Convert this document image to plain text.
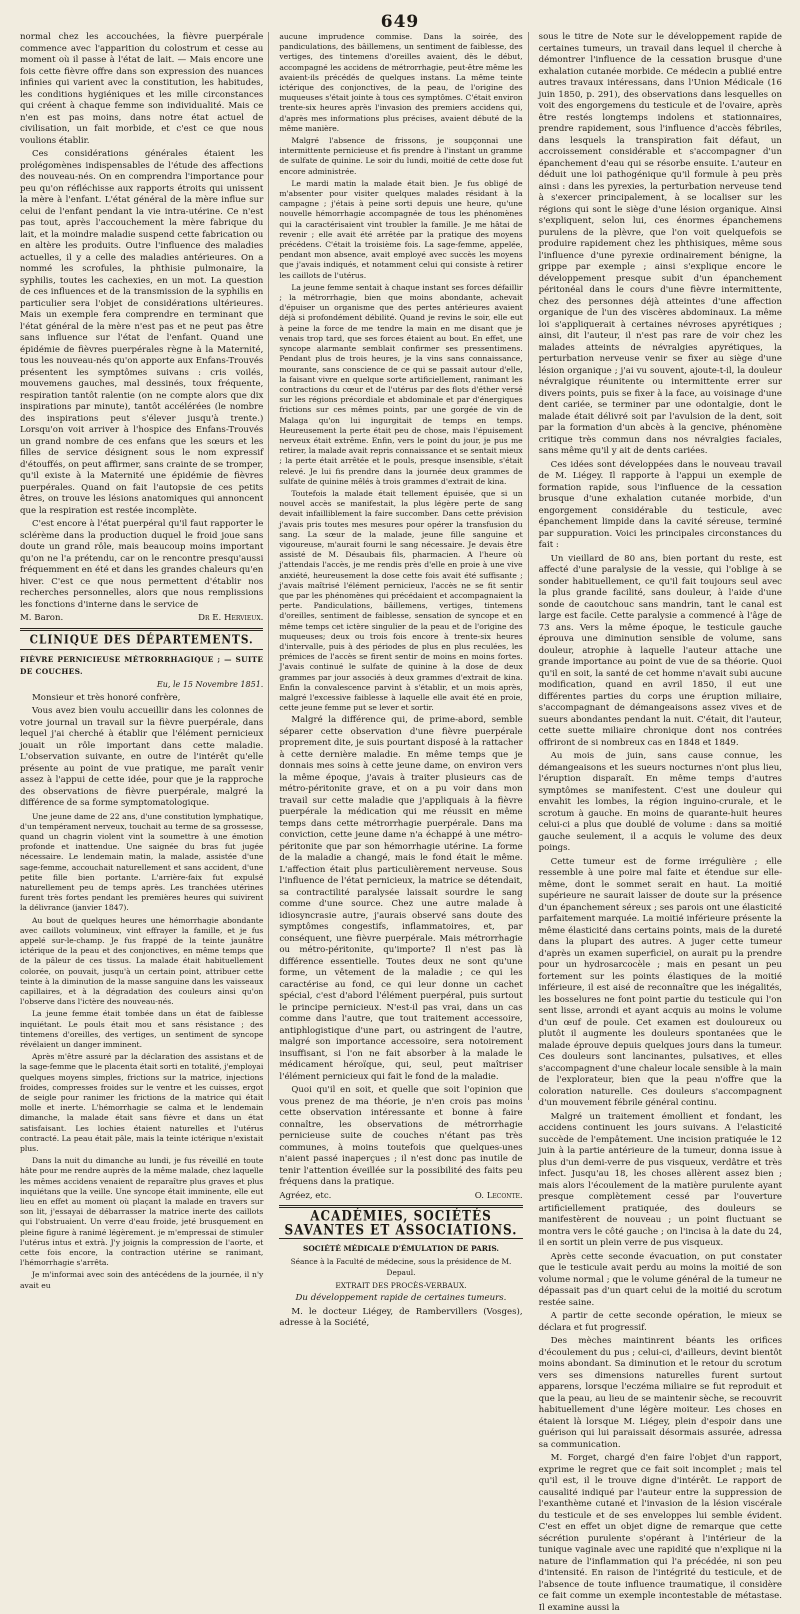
649

normal chez les accouchées, la fièvre puerpérale commence avec l'apparition du colostrum et cesse au moment où il passe à l'état de lait. — Mais encore une fois cette fièvre offre dans son expression des nuances infinies qui varient avec la constitution, les habitudes, les conditions hygiéniques et les mille circonstances qui créent à chaque femme son individualité. Mais ce n'en est pas moins, dans notre état actuel de civilisation, un fait morbide, et c'est ce que nous voulions établir.

Ces considérations générales étaient les prolégomènes indispensables de l'étude des affections des nouveau-nés. On en comprendra l'importance pour peu qu'on réfléchisse aux rapports étroits qui unissent la mère à l'enfant. L'état général de la mère influe sur celui de l'enfant pendant la vie intra-utérine. Ce n'est pas tout, après l'accouchement la mère fabrique du lait, et la moindre maladie suspend cette fabrication ou en altère les produits. Outre l'influence des maladies actuelles, il y a celle des maladies antérieures. On a nommé les scrofules, la phthisie pulmonaire, la syphilis, toutes les cachexies, en un mot. La question de ces influences et de la transmission de la syphilis en particulier sera l'objet de considérations ultérieures. Mais un exemple fera comprendre en terminant que l'état général de la mère n'est pas et ne peut pas être sans influence sur l'état de l'enfant. Quand une épidémie de fièvres puerpérales règne à la Maternité, tous les nouveau-nés qu'on apporte aux Enfans-Trouvés présentent les symptômes suivans : cris voilés, mouvemens gauches, mal dessinés, toux fréquente, respiration tantôt ralentie (on ne compte alors que dix inspirations par minute), tantôt accélérées (le nombre des inspirations peut s'élever jusqu'à trente.) Lorsqu'on voit arriver à l'hospice des Enfans-Trouvés un grand nombre de ces enfans que les sœurs et les filles de service désignent sous le nom expressif d'étouffés, on peut affirmer, sans crainte de se tromper, qu'il existe à la Maternité une épidémie de fièvres puerpérales. Quand on fait l'autopsie de ces petits êtres, on trouve les lésions anatomiques qui annoncent que la respiration est restée incomplète.

C'est encore à l'état puerpéral qu'il faut rapporter le sclérème dans la production duquel le froid joue sans doute un grand rôle, mais beaucoup moins important qu'on ne l'a prétendu, car on le rencontre presqu'aussi fréquemment en été et dans les grandes chaleurs qu'en hiver. C'est ce que nous permettent d'établir nos recherches personnelles, alors que nous remplissions les fonctions d'interne dans le service de

M. Baron.	Dr E. Hervieux.

CLINIQUE DES DÉPARTEMENTS.

FIÈVRE PERNICIEUSE MÉTRORRHAGIQUE ; — SUITE DE COUCHES.

Eu, le 15 Novembre 1851.

Monsieur et très honoré confrère,

Vous avez bien voulu accueillir dans les colonnes de votre journal un travail sur la fièvre puerpérale, dans lequel j'ai cherché à établir que l'élément pernicieux jouait un rôle important dans cette maladie. L'observation suivante, en outre de l'intérêt qu'elle présente au point de vue pratique, me paraît venir assez à l'appui de cette idée, pour que je la rapproche des observations de fièvre puerpérale, malgré la différence de sa forme symptomatologique.

Une jeune dame de 22 ans, d'une constitution lymphatique, d'un tempérament nerveux, touchait au terme de sa grossesse, quand un chagrin violent vint la soumettre à une émotion profonde et inattendue. Une saignée du bras fut jugée nécessaire. Le lendemain matin, la malade, assistée d'une sage-femme, accouchait naturellement et sans accident, d'une petite fille bien portante. L'arrière-faix fut expulsé naturellement peu de temps après. Les tranchées utérines furent très fortes pendant les premières heures qui suivirent la délivrance (janvier 1847).

Au bout de quelques heures une hémorrhagie abondante avec caillots volumineux, vint effrayer la famille, et je fus appelé sur-le-champ. Je fus frappé de la teinte jaunâtre ictérique de la peau et des conjonctives, en même temps que de la pâleur de ces tissus. La malade était habituellement colorée, on pouvait, jusqu'à un certain point, attribuer cette teinte à la diminution de la masse sanguine dans les vaisseaux capillaires, et à la dégradation des couleurs ainsi qu'on l'observe dans l'ictère des nouveau-nés.

La jeune femme était tombée dans un état de faiblesse inquiétant. Le pouls était mou et sans résistance ; des tintemens d'oreilles, des vertiges, un sentiment de syncope révélaient un danger imminent.

Après m'être assuré par la déclaration des assistans et de la sage-femme que le placenta était sorti en totalité, j'employai quelques moyens simples, frictions sur la matrice, injections froides, compresses froides sur le ventre et les cuisses, ergot de seigle pour ranimer les frictions de la matrice qui était molle et inerte. L'hémorrhagie se calma et le lendemain dimanche, la malade était sans fièvre et dans un état satisfaisant. Les lochies étaient naturelles et l'utérus contracté. La peau était pâle, mais la teinte ictérique n'existait plus.

Dans la nuit du dimanche au lundi, je fus réveillé en toute hâte pour me rendre auprès de la même malade, chez laquelle les mêmes accidens venaient de reparaître plus graves et plus inquiétans que la veille. Une syncope était imminente, elle eut lieu en effet au moment où plaçant la malade en travers sur son lit, j'essayai de débarrasser la matrice inerte des caillots qui l'obstruaient. Un verre d'eau froide, jeté brusquement en pleine figure à ranimé légèrement. je m'empressai de stimuler l'utérus intus et extrà. J'y joignis la compression de l'aorte, et cette fois encore, la contraction utérine se ranimant, l'hémorrhagie s'arrêta.

Je m'informai avec soin des antécédens de la journée, il n'y avait eu

aucune imprudence commise. Dans la soirée, des pandiculations, des bâillemens, un sentiment de faiblesse, des vertiges, des tintemens d'oreilles avaient, dès le début, accompagné les accidens de métrorrhagie, peut-être même les avaient-ils précédés de quelques instans. La même teinte ictérique des conjonctives, de la peau, de l'origine des muqueuses s'était jointe à tous ces symptômes. C'était environ trente-six heures après l'invasion des premiers accidens qui, d'après mes informations plus précises, avaient débuté de la même manière.

Malgré l'absence de frissons, je soupçonnai une intermittente pernicieuse et fis prendre à l'instant un gramme de sulfate de quinine. Le soir du lundi, moitié de cette dose fut encore administrée.

Le mardi matin la malade était bien. Je fus obligé de m'absenter pour visiter quelques malades résidant à la campagne ; j'étais à peine sorti depuis une heure, qu'une nouvelle hémorrhagie accompagnée de tous les phénomènes qui la caractérisaient vint troubler la famille. Je me hâtai de revenir ; elle avait été arrêtée par la pratique des moyens précédens. C'était la troisième fois. La sage-femme, appelée, pendant mon absence, avait employé avec succès les moyens que j'avais indiqués, et notamment celui qui consiste à retirer les caillots de l'utérus.

La jeune femme sentait à chaque instant ses forces défaillir ; la métrorrhagie, bien que moins abondante, achevait d'épuiser un organisme que des pertes antérieures avaient déjà si profondément débilité. Quand je revins le soir, elle eut à peine la force de me tendre la main en me disant que je venais trop tard, que ses forces étaient au bout. En effet, une syncope alarmante semblait confirmer ses pressentimens. Pendant plus de trois heures, je la vins sans connaissance, mourante, sans conscience de ce qui se passait autour d'elle, la faisant vivre en quelque sorte artificiellement, ranimant les contractions du cœur et de l'utérus par des flots d'éther versé sur les régions précordiale et abdominale et par d'énergiques frictions sur ces mêmes points, par une gorgée de vin de Malaga qu'on lui ingurgitait de temps en temps. Heureusement la perte était peu de chose, mais l'épuisement nerveux était extrême. Enfin, vers le point du jour, je pus me retirer, la malade avait repris connaissance et se sentait mieux ; la perte était arrêtée et le pouls, presque insensible, s'était relevé. Je lui fis prendre dans la journée deux grammes de sulfate de quinine mêlés à trois grammes d'extrait de kina.

Toutefois la malade était tellement épuisée, que si un nouvel accès se manifestait, la plus légère perte de sang devait infailliblement la faire succomber. Dans cette prévision j'avais pris toutes mes mesures pour opérer la transfusion du sang. La sœur de la malade, jeune fille sanguine et vigoureuse, m'aurait fourni le sang nécessaire. Je devais être assisté de M. Désaubais fils, pharmacien. A l'heure où j'attendais l'accès, je me rendis près d'elle en proie à une vive anxiété, heureusement la dose cette fois avait été suffisante ; j'avais maîtrisé l'élément pernicieux, l'accès ne se fit sentir que par les phénomènes qui précédaient et accompagnaient la perte. Pandiculations, bâillemens, vertiges, tintemens d'oreilles, sentiment de faiblesse, sensation de syncope et en même temps cet ictère singulier de la peau et de l'origine des muqueuses; deux ou trois fois encore à trente-six heures d'intervalle, puis à des périodes de plus en plus reculées, les prémices de l'accès se firent sentir de moins en moins fortes. J'avais continué le sulfate de quinine à la dose de deux grammes par jour associés à deux grammes d'extrait de kina. Enfin la convalescence parvint à s'établir, et un mois après, malgré l'excessive faiblesse à laquelle elle avait été en proie, cette jeune femme put se lever et sortir.

Malgré la différence qui, de prime-abord, semble séparer cette observation d'une fièvre puerpérale proprement dite, je suis pourtant disposé à la rattacher à cette dernière maladie. En même temps que je donnais mes soins à cette jeune dame, on environ vers la même époque, j'avais à traiter plusieurs cas de métro-péritonite grave, et on a pu voir dans mon travail sur cette maladie que j'appliquais à la fièvre puerpérale la médication qui me réussit en même temps dans cette métrorrhagie puerpérale. Dans ma conviction, cette jeune dame n'a échappé à une métro-péritonite que par son hémorrhagie utérine. La forme de la maladie a changé, mais le fond était le même. L'affection était plus particulièrement nerveuse. Sous l'influence de l'état pernicieux, la matrice se détendait, sa contractilité paralysée laissait sourdre le sang comme d'une source. Chez une autre malade à idiosyncrasie autre, j'aurais observé sans doute des symptômes congestifs, inflammatoires, et, par conséquent, une fièvre puerpérale. Mais métrorrhagie ou métro-péritonite, qu'importe? Il n'est pas là différence essentielle. Toutes deux ne sont qu'une forme, un vêtement de la maladie ; ce qui les caractérise au fond, ce qui leur donne un cachet spécial, c'est d'abord l'élément puerpéral, puis surtout le principe pernicieux. N'est-il pas vrai, dans un cas comme dans l'autre, que tout traitement accessoire, antiphlogistique d'une part, ou astringent de l'autre, malgré son importance accessoire, sera notoirement insuffisant, si l'on ne fait absorber à la malade le médicament héroïque, qui, seul, peut maîtriser l'élément pernicieux qui fait le fond de la maladie.

Quoi qu'il en soit, et quelle que soit l'opinion que vous prenez de ma théorie, je n'en crois pas moins cette observation intéressante et bonne à faire connaître, les observations de métrorrhagie pernicieuse suite de couches n'étant pas très communes, à moins toutefois que quelques-unes n'aient passé inaperçues ; il n'est donc pas inutile de tenir l'attention éveillée sur la possibilité des faits peu fréquens dans la pratique.

Agréez, etc.	O. Leconte.

ACADÉMIES, SOCIÉTÉS SAVANTES ET ASSOCIATIONS.

SOCIÉTÉ MÉDICALE D'ÉMULATION DE PARIS.

Séance à la Faculté de médecine, sous la présidence de M. Depaul.

EXTRAIT DES PROCÈS-VERBAUX.

Du développement rapide de certaines tumeurs.

M. le docteur Liégey, de Rambervillers (Vosges), adresse à la Société,

sous le titre de Note sur le développement rapide de certaines tumeurs, un travail dans lequel il cherche à démontrer l'influence de la cessation brusque d'une exhalation cutanée morbide. Ce médecin a publié entre autres travaux intéressans, dans l'Union Médicale (16 juin 1850, p. 291), des observations dans lesquelles on voit des engorgemens du testicule et de l'ovaire, après être restés longtemps indolens et stationnaires, prendre rapidement, sous l'influence d'accès fébriles, dans lesquels la transpiration fait défaut, un accroissement considérable et s'accompagner d'un épanchement d'eau qui se résorbe ensuite. L'auteur en déduit une loi pathogénique qu'il formule à peu près ainsi : dans les pyrexies, la perturbation nerveuse tend à s'exercer principalement, à se localiser sur les régions qui sont le siège d'une lésion organique. Ainsi s'expliquent, selon lui, ces énormes épanchemens purulens de la plèvre, que l'on voit quelquefois se produire rapidement chez les phthisiques, même sous l'influence d'une pyrexie ordinairement bénigne, la grippe par exemple ; ainsi s'explique encore le développement presque subit d'un épanchement péritonéal dans le cours d'une fièvre intermittente, chez des personnes déjà atteintes d'une affection organique de l'un des viscères abdominaux. La même loi s'appliquerait à certaines névroses apyrétiques ; ainsi, dit l'auteur, il n'est pas rare de voir chez les malades atteints de névralgies apyrétiques, la perturbation nerveuse venir se fixer au siège d'une lésion organique ; j'ai vu souvent, ajoute-t-il, la douleur névralgique réunitente ou intermittente errer sur divers points, puis se fixer à la face, au voisinage d'une dent cariée, se terminer par une odontalgie, dont le malade était délivré soit par l'avulsion de la dent, soit par la formation d'un abcès à la gencive, phénomène critique très commun dans nos névralgies faciales, sans même qu'il y ait de dents cariées.

Ces idées sont développées dans le nouveau travail de M. Liégey. Il rapporte à l'appui un exemple de formation rapide, sous l'influence de la cessation brusque d'une exhalation cutanée morbide, d'un engorgement considérable du testicule, avec épanchement limpide dans la cavité séreuse, terminé par suppuration. Voici les principales circonstances du fait :

Un vieillard de 80 ans, bien portant du reste, est affecté d'une paralysie de la vessie, qui l'oblige à se sonder habituellement, ce qu'il fait toujours seul avec la plus grande facilité, sans douleur, à l'aide d'une sonde de caoutchouc sans mandrin, tant le canal est large est facile. Cette paralysie a commencé à l'âge de 73 ans. Vers la même époque, le testicule gauche éprouva une diminution sensible de volume, sans douleur, atrophie à laquelle l'auteur attache une grande importance au point de vue de sa théorie. Quoi qu'il en soit, la santé de cet homme n'avait subi aucune modification, quand en avril 1850, il eut une différentes parties du corps une éruption miliaire, s'accompagnant de démangeaisons assez vives et de sueurs abondantes pendant la nuit. C'était, dit l'auteur, cette suette miliaire chronique dont nos contrées offriront de si nombreux cas en 1848 et 1849.

Au mois de juin, sans cause connue, les démangeaisons et les sueurs nocturnes n'ont plus lieu, l'éruption disparaît. En même temps d'autres symptômes se manifestent. C'est une douleur qui envahit les lombes, la région inguino-crurale, et le scrotum à gauche. En moins de quarante-huit heures celui-ci a plus que doublé de volume : dans sa moitié gauche seulement, il a acquis le volume des deux poings.

Cette tumeur est de forme irrégulière ; elle ressemble à une poire mal faite et étendue sur elle-même, dont le sommet serait en haut. La moitié supérieure ne saurait laisser de doute sur la présence d'un épanchement séreux ; ses parois ont une élasticité parfaitement marquée. La moitié inférieure présente la même élasticité dans certains points, mais de la dureté dans la plupart des autres. A juger cette tumeur d'après un examen superficiel, on aurait pu la prendre pour un hydrosarcocèle ; mais en pesant un peu fortement sur les points élastiques de la moitié inférieure, il est aisé de reconnaître que les inégalités, les bosselures ne font point partie du testicule qui l'on sent lisse, arrondi et ayant acquis au moins le volume d'un œuf de poule. Cet examen est douloureux ou plutôt il augmente les douleurs spontanées que le malade éprouve depuis quelques jours dans la tumeur. Ces douleurs sont lancinantes, pulsatives, et elles s'accompagnent d'une chaleur locale sensible à la main de l'explorateur, bien que la peau n'offre que la coloration naturelle. Ces douleurs s'accompagnent d'un mouvement fébrile général continu.

Malgré un traitement émollient et fondant, les accidens continuent les jours suivans. A l'elasticité succède de l'empâtement. Une incision pratiquée le 12 juin à la partie antérieure de la tumeur, donna issue à plus d'un demi-verre de pus visqueux, verdâtre et très infect. Jusqu'au 18, les choses allèrent assez bien ; mais alors l'écoulement de la matière purulente ayant presque complètement cessé par l'ouverture artificiellement pratiquée, des douleurs se manifestèrent de nouveau ; un point fluctuant se montra vers le côté gauche ; on l'incisa à la date du 24, il en sortit un plein verre de pus visqueux.

Après cette seconde évacuation, on put constater que le testicule avait perdu au moins la moitié de son volume normal ; que le volume général de la tumeur ne dépassait pas d'un quart celui de la moitié du scrotum restée saine.

A partir de cette seconde opération, le mieux se déclara et fut progressif.

Des mèches maintinrent béants les orifices d'écoulement du pus ; celui-ci, d'ailleurs, devint bientôt moins abondant. Sa diminution et le retour du scrotum vers ses dimensions naturelles furent surtout apparens, lorsque l'eczéma miliaire se fut reproduit et que la peau, au lieu de se maintenir sèche, se recouvrit habituellement d'une légère moiteur. Les choses en étaient là lorsque M. Liégey, plein d'espoir dans une guérison qui lui paraissait désormais assurée, adressa sa communication.

M. Forget, chargé d'en faire l'objet d'un rapport, exprime le regret que ce fait soit incomplet ; mais tel qu'il est, il le trouve digne d'intérêt. Le rapport de causalité indiqué par l'auteur entre la suppression de l'exanthème cutané et l'invasion de la lésion viscérale du testicule et de ses enveloppes lui semble évident. C'est en effet un objet digne de remarque que cette sécrétion purulente s'opérant à l'intérieur de la tunique vaginale avec une rapidité que n'explique ni la nature de l'inflammation qui l'a précédée, ni son peu d'intensité. En raison de l'intégrité du testicule, et de l'absence de toute influence traumatique, il considère ce fait comme un exemple incontestable de métastase. Il examine aussi la
